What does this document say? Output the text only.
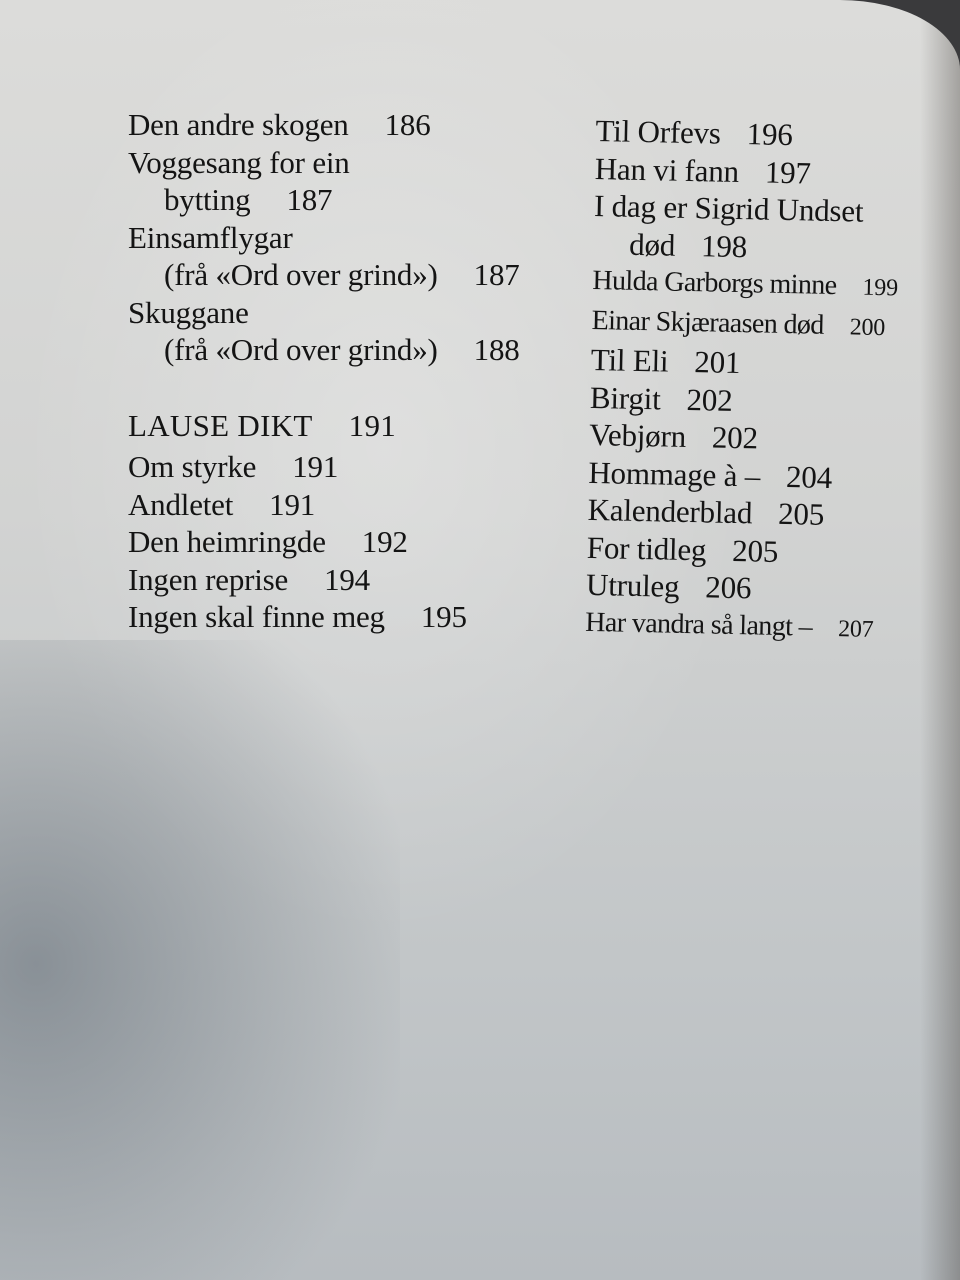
Den andre skogen 186
Voggesang for ein
bytting 187
Einsamflygar
(frå «Ord over grind») 187
Skuggane
(frå «Ord over grind») 188
LAUSE DIKT 191
Om styrke 191
Andletet 191
Den heimringde 192
Ingen reprise 194
Ingen skal finne meg 195
Til Orfevs 196
Han vi fann 197
I dag er Sigrid Undset
død 198
Hulda Garborgs minne 199
Einar Skjæraasen død 200
Til Eli 201
Birgit 202
Vebjørn 202
Hommage à – 204
Kalenderblad 205
For tidleg 205
Utruleg 206
Har vandra så langt – 207
